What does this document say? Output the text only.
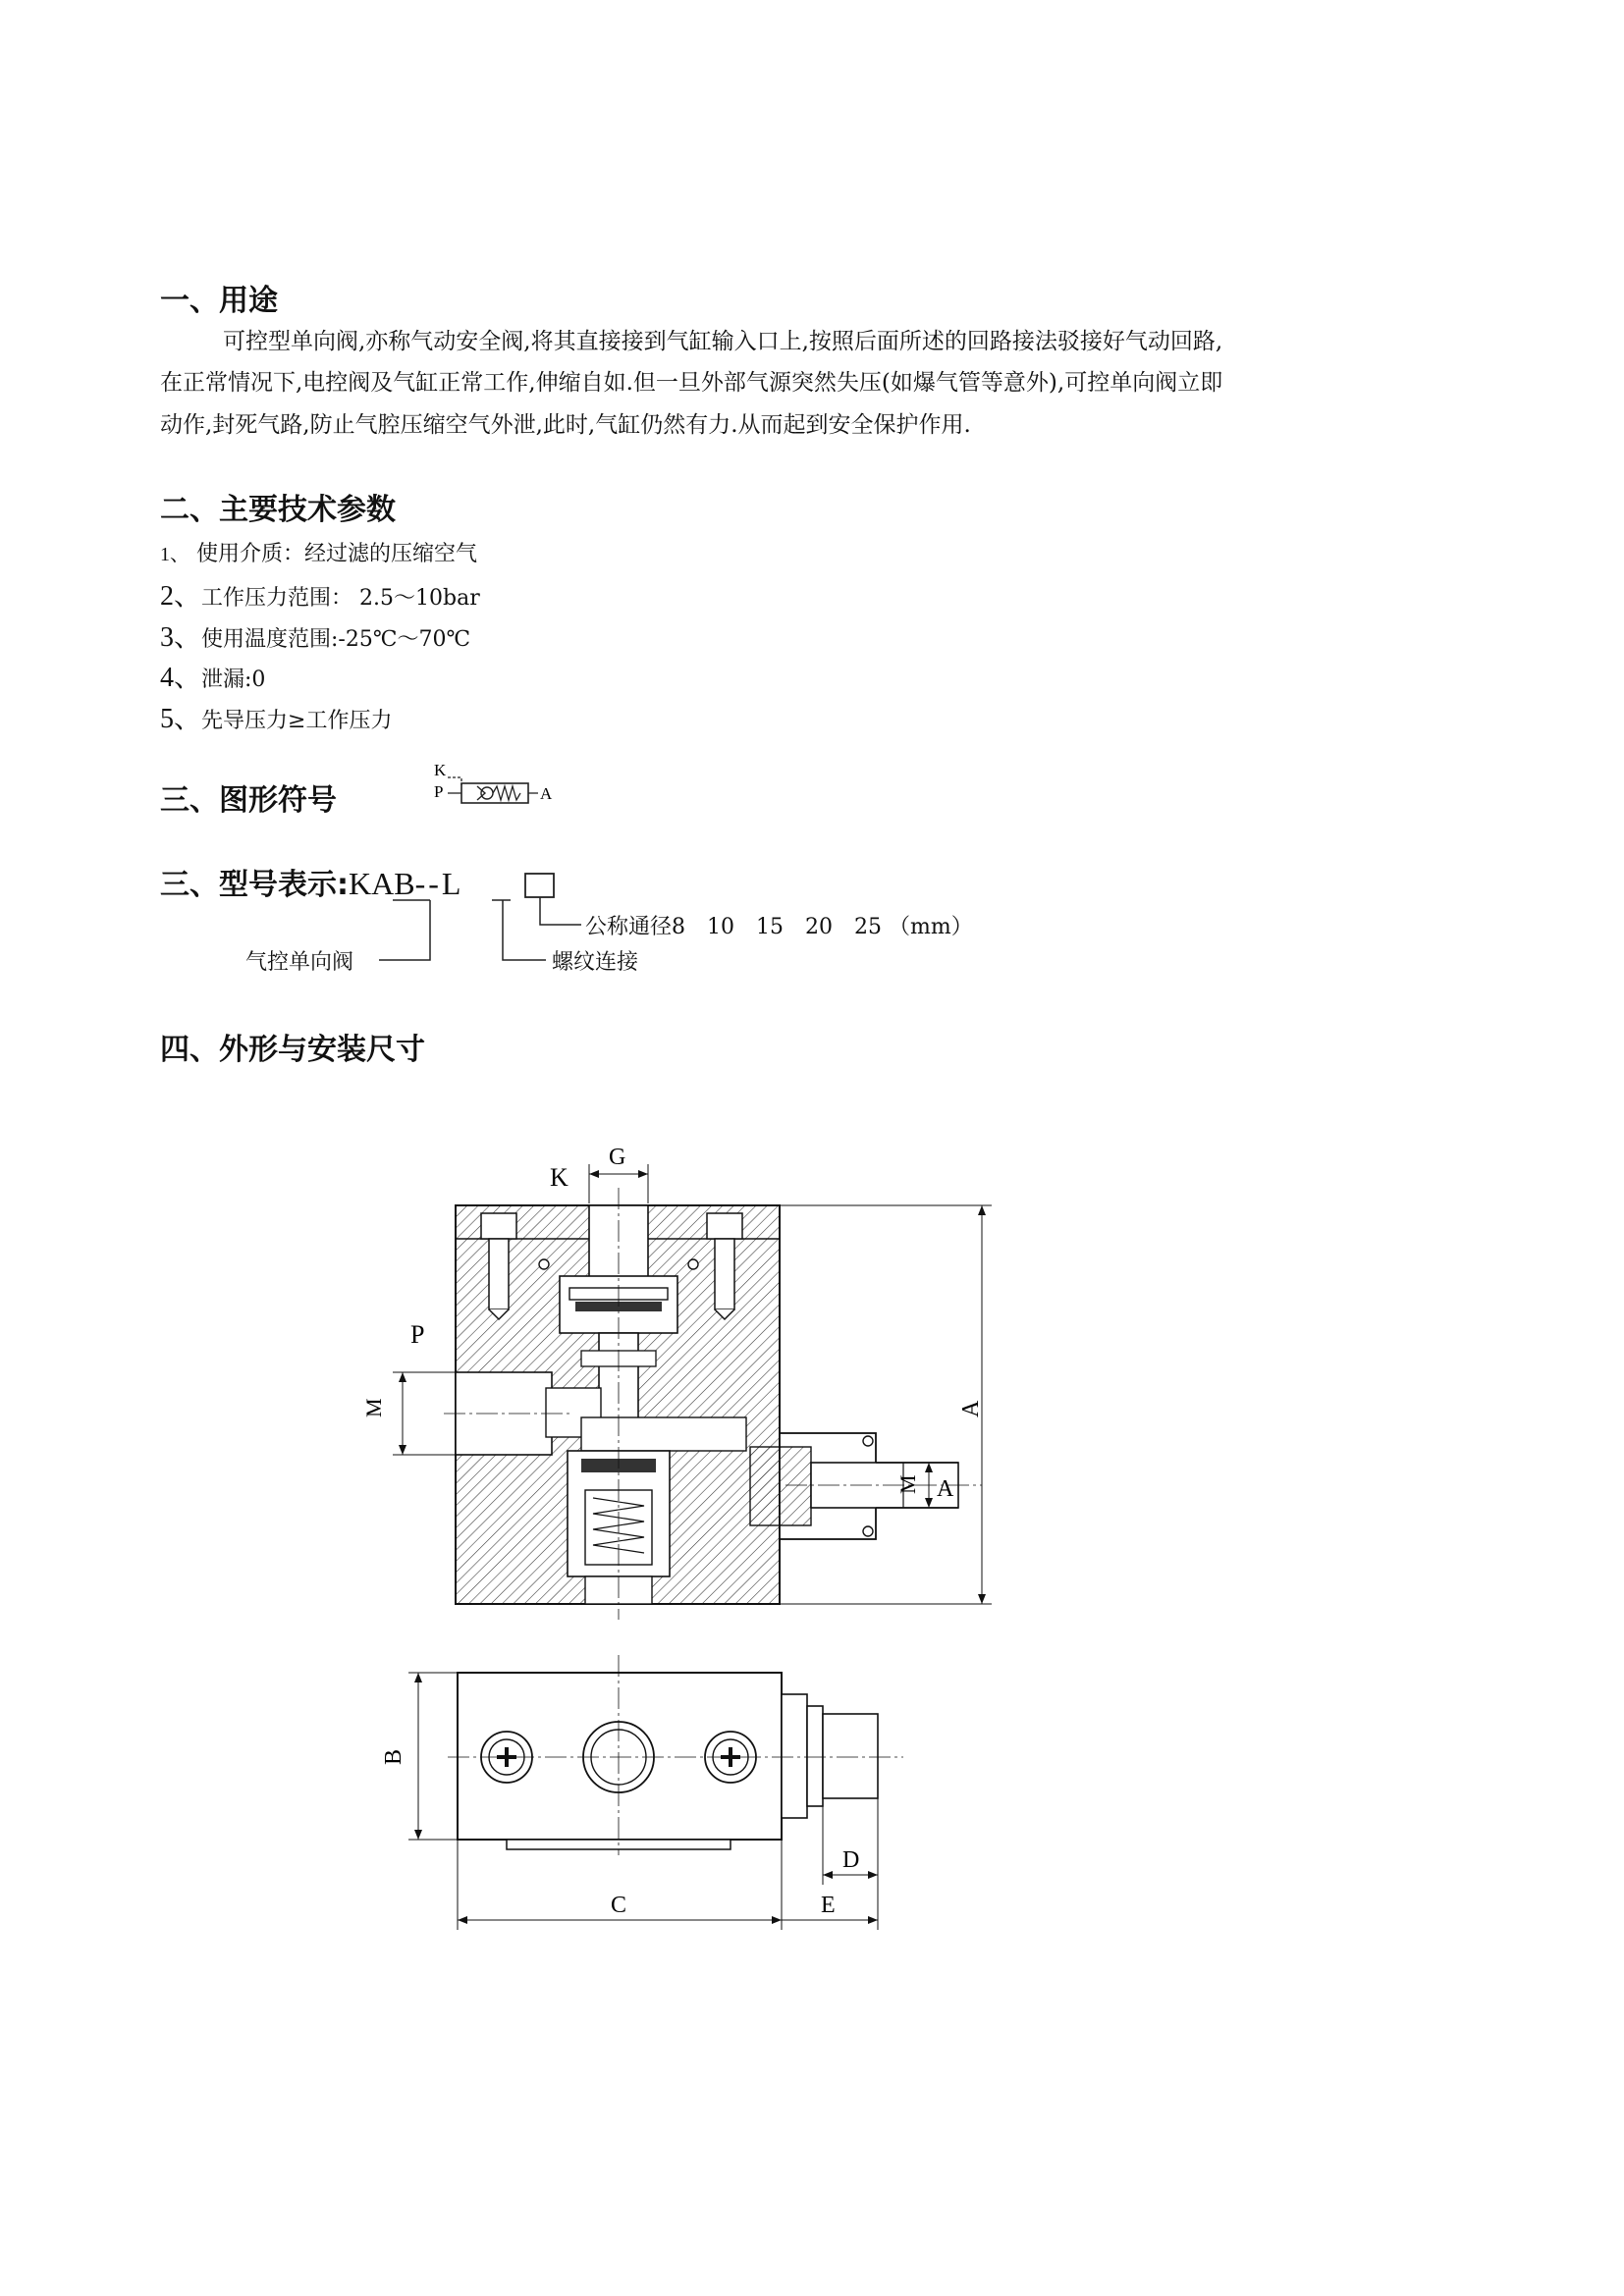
一、用途
可控型单向阀,亦称气动安全阀,将其直接接到气缸输入口上,按照后面所述的回路接法驳接好气动回路,
在正常情况下,电控阀及气缸正常工作,伸缩自如.但一旦外部气源突然失压(如爆气管等意外),可控单向阀立即
动作,封死气路,防止气腔压缩空气外泄,此时,气缸仍然有力.从而起到安全保护作用.
二、主要技术参数
1、 使用介质：经过滤的压缩空气
2、工作压力范围： 2.5～10bar
3、使用温度范围:-25℃～70℃
4、泄漏:0
5、先导压力≥工作压力
三、图形符号
K
P	A
三、型号表示:KAB--L
公称通径8　10　15　20　25 （mm）
气控单向阀	螺纹连接
四、外形与安装尺寸
K
G
P
M	A
M A
B
C
D
E
